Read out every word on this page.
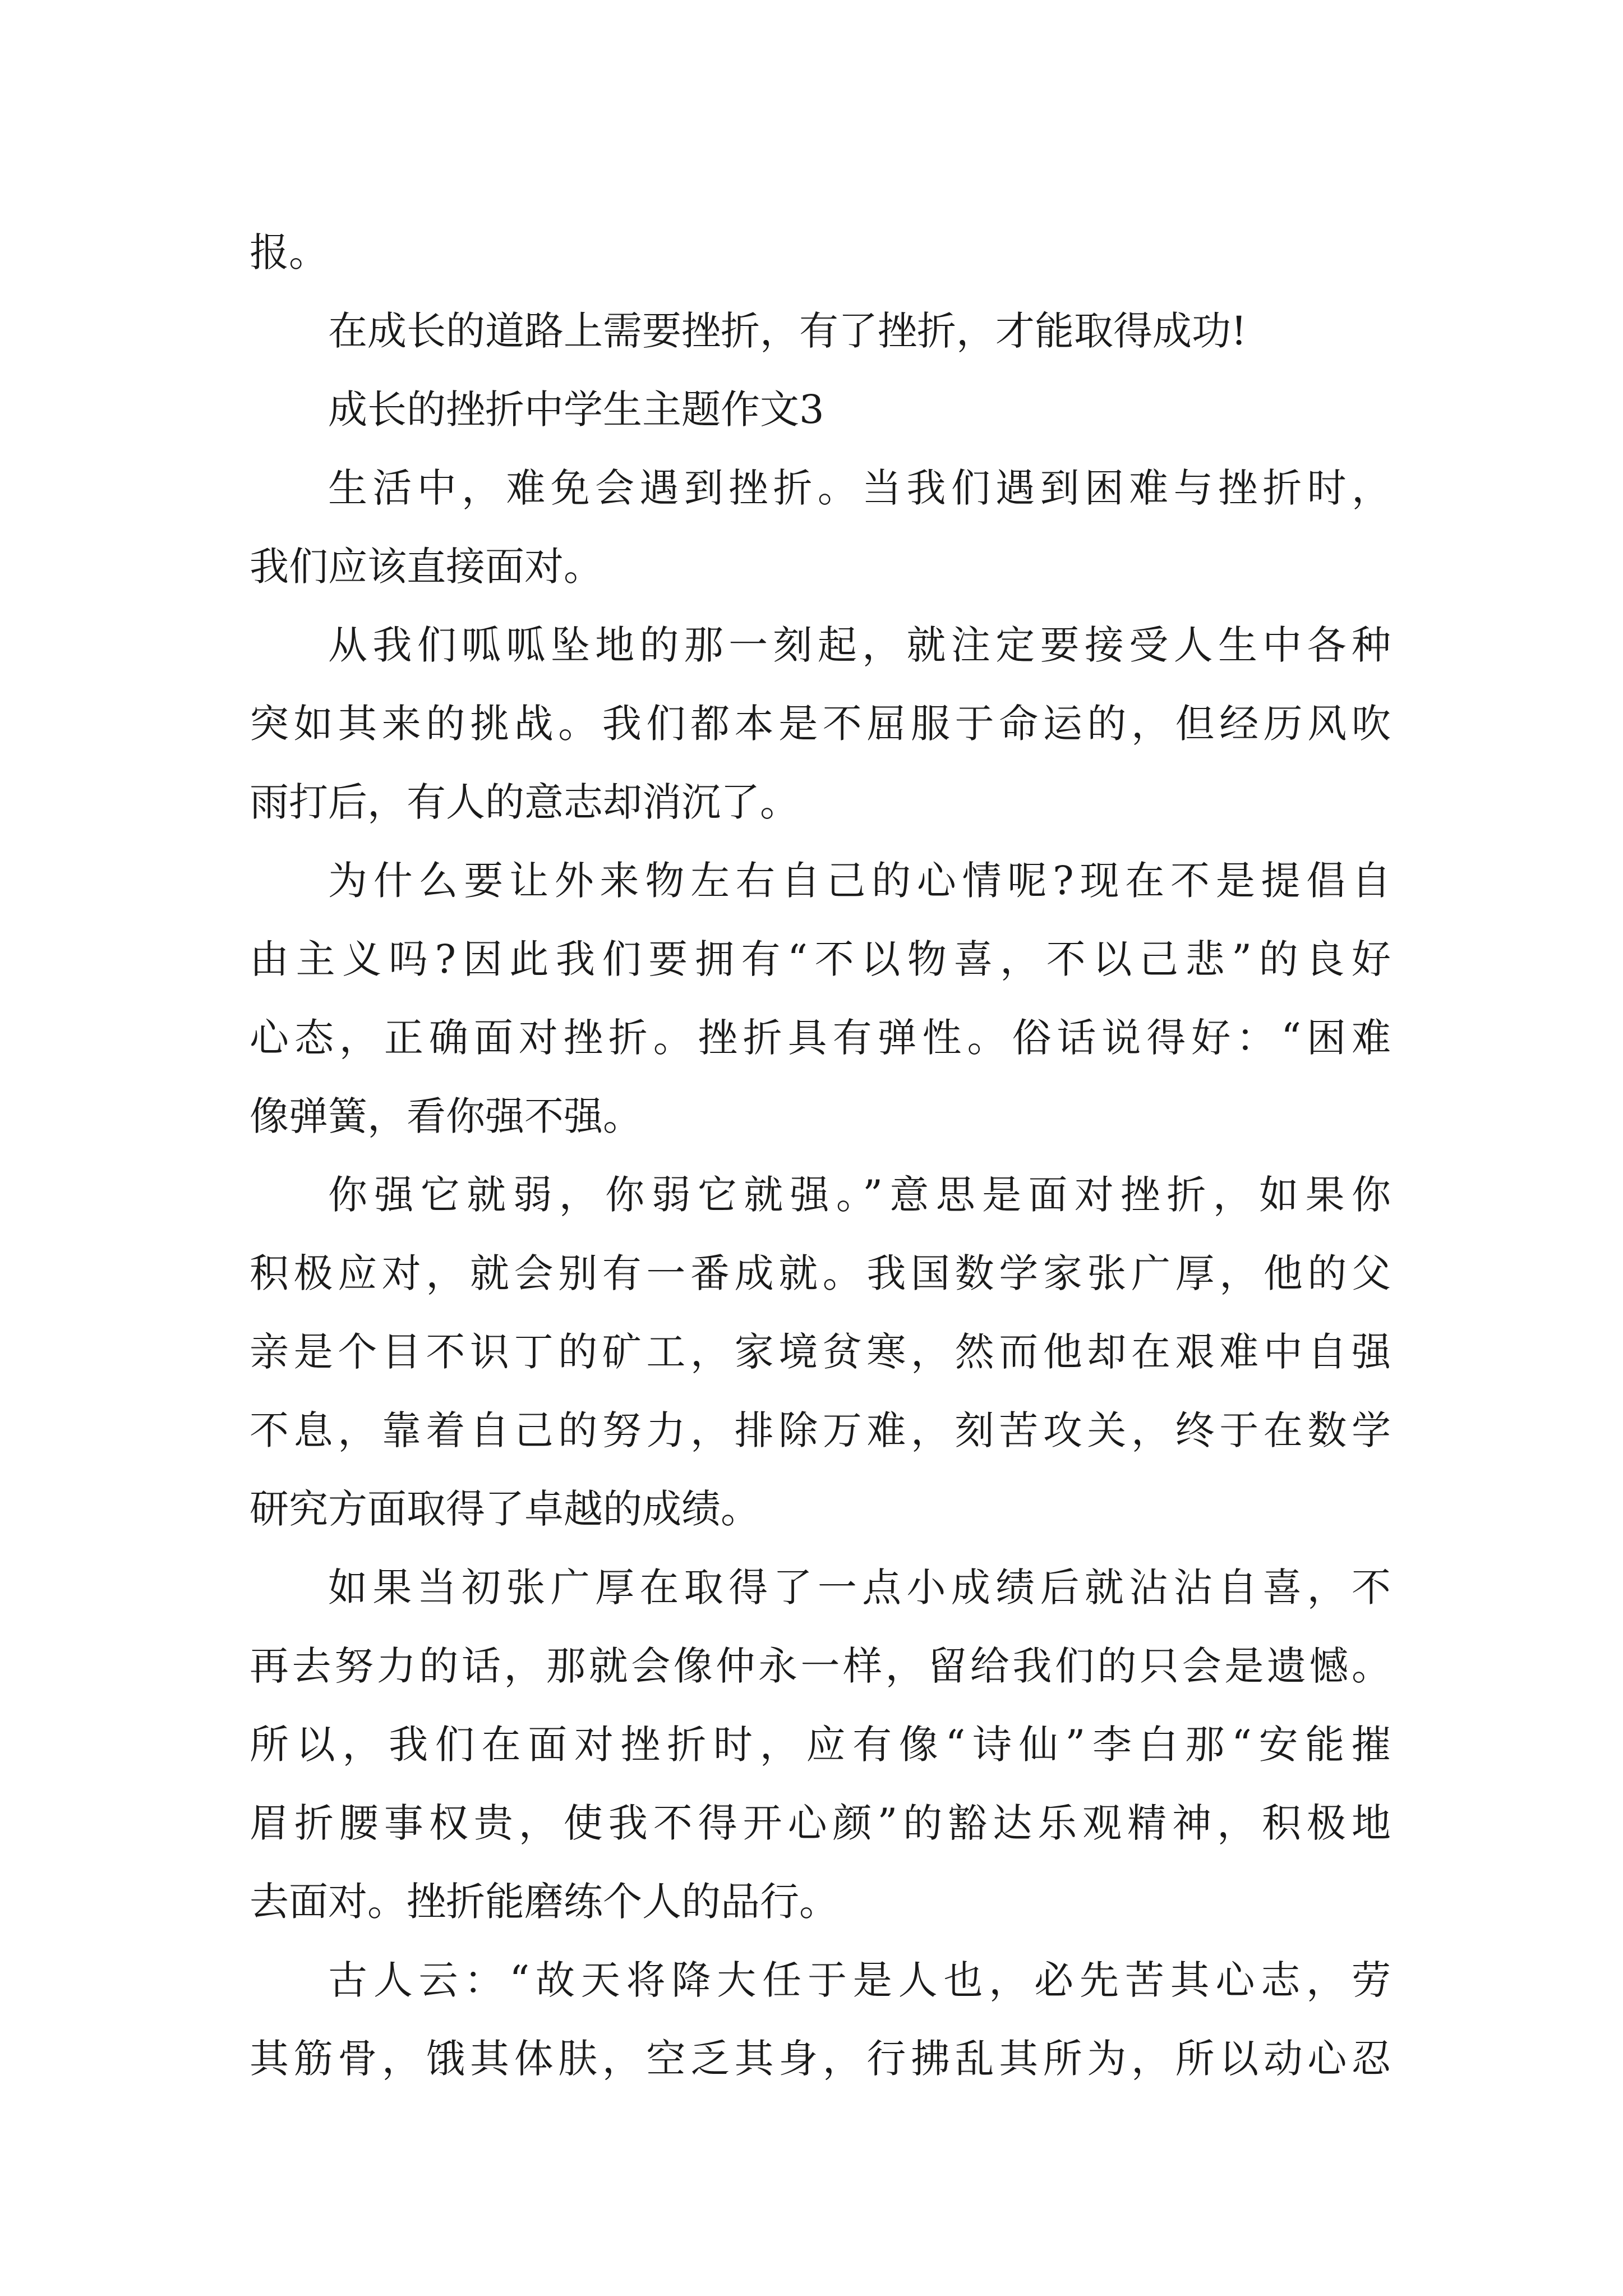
报。

在成长的道路上需要挫折，有了挫折，才能取得成功!

成长的挫折中学生主题作文3

生活中，难免会遇到挫折。当我们遇到困难与挫折时，

我们应该直接面对。

从我们呱呱坠地的那一刻起，就注定要接受人生中各种

突如其来的挑战。我们都本是不屈服于命运的，但经历风吹

雨打后，有人的意志却消沉了。

为什么要让外来物左右自己的心情呢?现在不是提倡自

由主义吗?因此我们要拥有“不以物喜，不以己悲”的良好

心态，正确面对挫折。挫折具有弹性。俗话说得好：“困难

像弹簧，看你强不强。

你强它就弱，你弱它就强。”意思是面对挫折，如果你

积极应对，就会别有一番成就。我国数学家张广厚，他的父

亲是个目不识丁的矿工，家境贫寒，然而他却在艰难中自强

不息，靠着自己的努力，排除万难，刻苦攻关，终于在数学

研究方面取得了卓越的成绩。

如果当初张广厚在取得了一点小成绩后就沾沾自喜，不

再去努力的话，那就会像仲永一样，留给我们的只会是遗憾。

所以，我们在面对挫折时，应有像“诗仙”李白那“安能摧

眉折腰事权贵，使我不得开心颜”的豁达乐观精神，积极地

去面对。挫折能磨练个人的品行。

古人云：“故天将降大任于是人也，必先苦其心志，劳

其筋骨，饿其体肤，空乏其身，行拂乱其所为，所以动心忍
